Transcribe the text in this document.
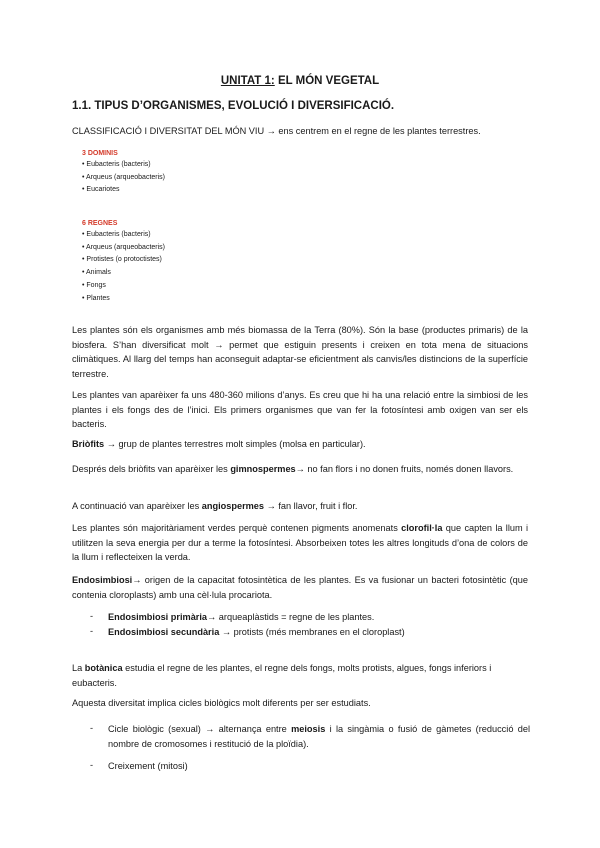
UNITAT 1: EL MÓN VEGETAL
1.1. TIPUS D’ORGANISMES, EVOLUCIÓ I DIVERSIFICACIÓ.
CLASSIFICACIÓ I DIVERSITAT DEL MÓN VIU → ens centrem en el regne de les plantes terrestres.
3 DOMINIS
• Eubacteris (bacteris)
• Arqueus (arqueobacteris)
• Eucariotes
6 REGNES
• Eubacteris (bacteris)
• Arqueus (arqueobacteris)
• Protistes (o protoctistes)
• Animals
• Fongs
• Plantes
Les plantes són els organismes amb més biomassa de la Terra (80%). Són la base (productes primaris) de la biosfera. S’han diversificat molt → permet que estiguin presents i creixen en tota mena de situacions climàtiques. Al llarg del temps han aconseguit adaptar-se eficientment als canvis/les distincions de la superfície terrestre.
Les plantes van aparèixer fa uns 480-360 milions d’anys. Es creu que hi ha una relació entre la simbiosi de les plantes i els fongs des de l’inici. Els primers organismes que van fer la fotosíntesi amb oxigen van ser els bacteris.
Briòfits → grup de plantes terrestres molt simples (molsa en particular).
Després dels briòfits van aparèixer les gimnospermes→ no fan flors i no donen fruits, només donen llavors.
A continuació van aparèixer les angiospermes → fan llavor, fruit i flor.
Les plantes són majoritàriament verdes perquè contenen pigments anomenats clorofil·la que capten la llum i utilitzen la seva energia per dur a terme la fotosíntesi. Absorbeixen totes les altres longituds d’ona de colors de la llum i reflecteixen la verda.
Endosimbiosi→ origen de la capacitat fotosintètica de les plantes. Es va fusionar un bacteri fotosintètic (que contenia cloroplasts) amb una cèl·lula procariota.
- Endosimbiosi primària→ arqueaplàstids = regne de les plantes.
- Endosimbiosi secundària → protists (més membranes en el cloroplast)
La botànica estudia el regne de les plantes, el regne dels fongs, molts protists, algues, fongs inferiors i eubacteris.
Aquesta diversitat implica cicles biològics molt diferents per ser estudiats.
- Cicle biològic (sexual) → alternança entre meiosis i la singàmia o fusió de gàmetes (reducció del nombre de cromosomes i restitució de la ploïdia).
- Creixement (mitosi)
